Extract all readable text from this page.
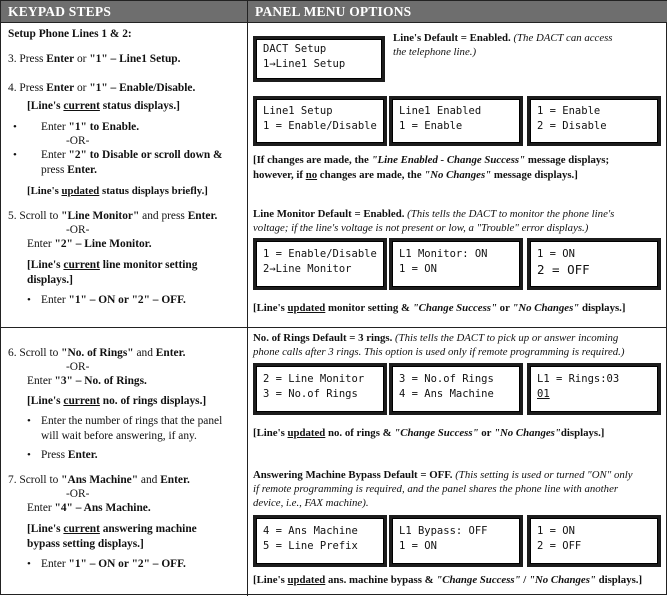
KEYPAD STEPS	PANEL MENU OPTIONS
Setup Phone Lines 1 & 2:
3. Press Enter or "1" – Line1 Setup.
4. Press Enter or "1" – Enable/Disable.
[Line's current status displays.]
• Enter "1" to Enable.
-OR-
• Enter "2" to Disable or scroll down &
press Enter.
[Line's updated status displays briefly.]
5. Scroll to "Line Monitor" and press Enter.
-OR-
Enter "2" – Line Monitor.
[Line's current line monitor setting
displays.]
• Enter "1" – ON or "2" – OFF.
6. Scroll to "No. of Rings" and Enter.
-OR-
Enter "3" – No. of Rings.
[Line's current no. of rings displays.]
• Enter the number of rings that the panel
will wait before answering, if any.
• Press Enter.
7. Scroll to "Ans Machine" and Enter.
-OR-
Enter "4" – Ans Machine.
[Line's current answering machine
bypass setting displays.]
• Enter "1" – ON or "2" – OFF.
DACT Setup
1→Line1 Setup
Line's Default = Enabled. (The DACT can access
the telephone line.)
Line1 Setup
1 = Enable/Disable
Line1 Enabled
1 = Enable
1 = Enable
2 = Disable
[If changes are made, the "Line Enabled - Change Success" message displays;
however, if no changes are made, the "No Changes" message displays.]
Line Monitor Default = Enabled. (This tells the DACT to monitor the phone line's
voltage; if the line's voltage is not present or low, a "Trouble" error displays.)
1 = Enable/Disable
2→Line Monitor
L1 Monitor: ON
1 = ON
1 = ON
2 = OFF
[Line's updated monitor setting & "Change Success" or "No Changes" displays.]
No. of Rings Default = 3 rings. (This tells the DACT to pick up or answer incoming
phone calls after 3 rings. This option is used only if remote programming is required.)
2 = Line Monitor
3 = No.of Rings
3 = No.of Rings
4 = Ans Machine
L1 = Rings:03
01
[Line's updated no. of rings & "Change Success" or "No Changes"displays.]
Answering Machine Bypass Default = OFF. (This setting is used or turned "ON" only
if remote programming is required, and the panel shares the phone line with another
device, i.e., FAX machine).
4 = Ans Machine
5 = Line Prefix
L1 Bypass: OFF
1 = ON
1 = ON
2 = OFF
[Line's updated ans. machine bypass & "Change Success" / "No Changes" displays.]
